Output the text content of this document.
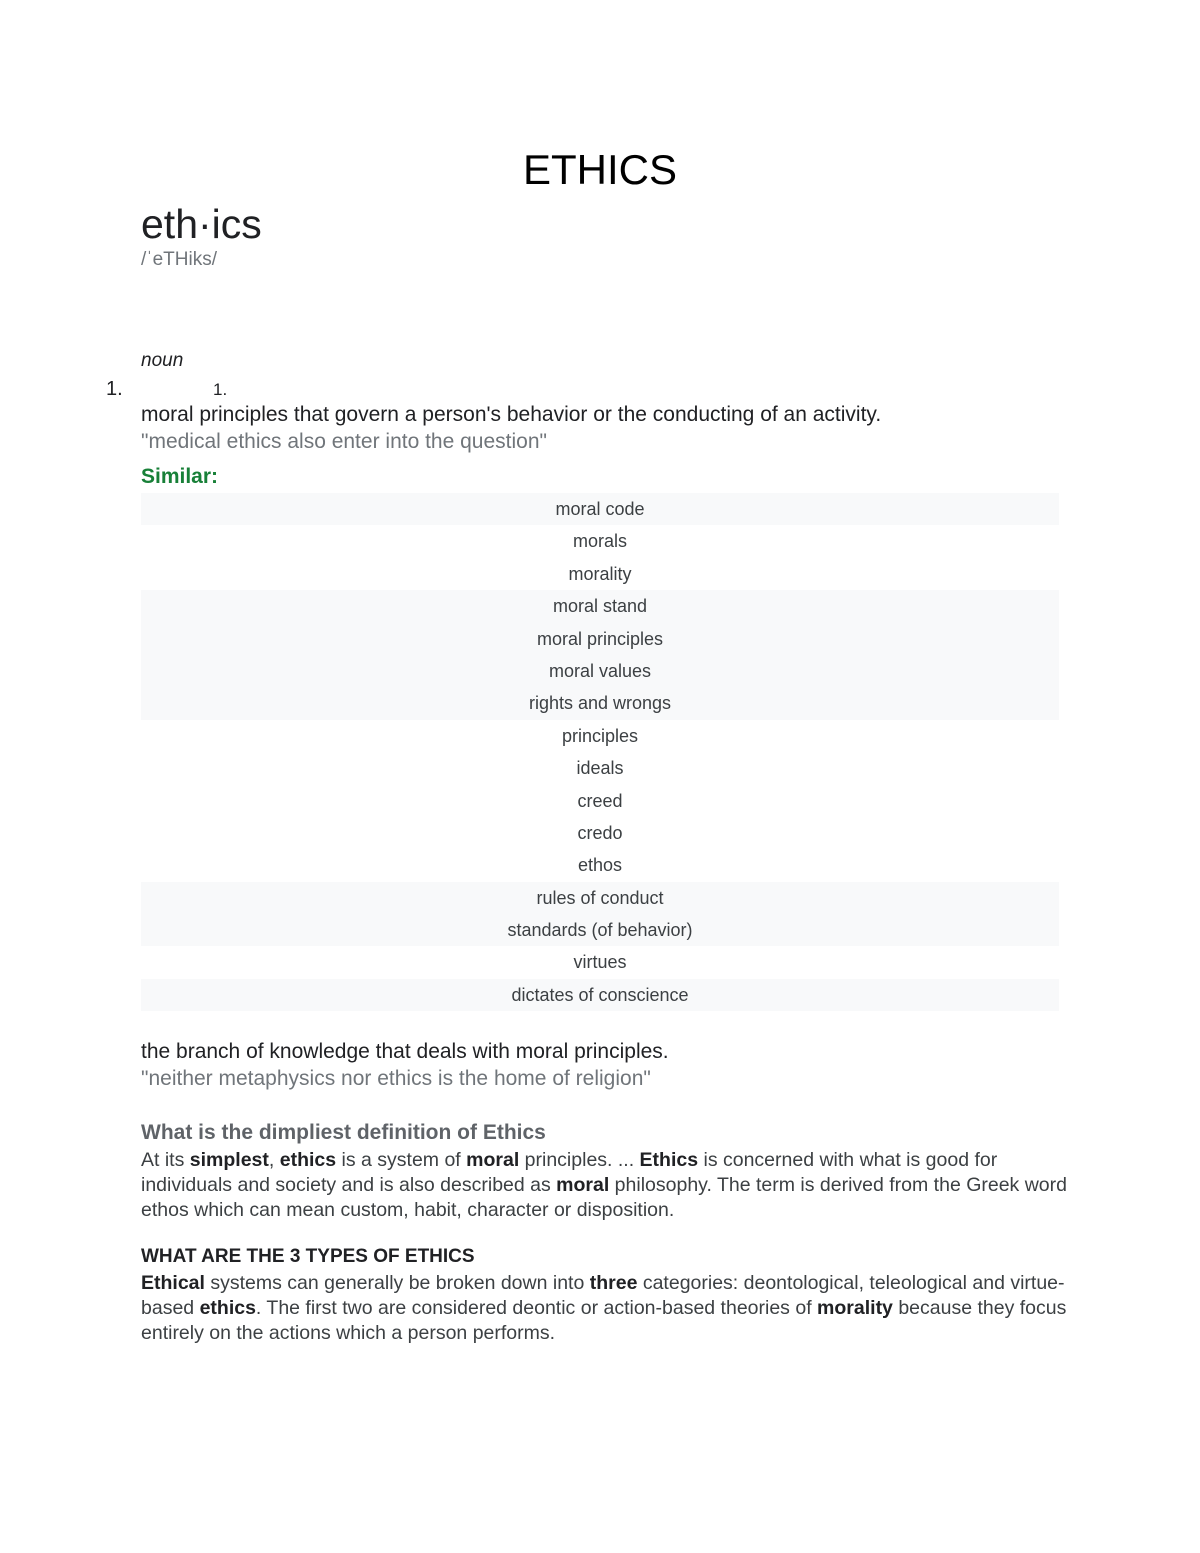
ETHICS
eth·ics
/ˈeTHiks/
noun
1.	1.
moral principles that govern a person's behavior or the conducting of an activity.
"medical ethics also enter into the question"
Similar:
moral code
morals
morality
moral stand
moral principles
moral values
rights and wrongs
principles
ideals
creed
credo
ethos
rules of conduct
standards (of behavior)
virtues
dictates of conscience
the branch of knowledge that deals with moral principles.
"neither metaphysics nor ethics is the home of religion"
What is the dimpliest definition of Ethics
At its simplest, ethics is a system of moral principles. ... Ethics is concerned with what is good for individuals and society and is also described as moral philosophy. The term is derived from the Greek word ethos which can mean custom, habit, character or disposition.
WHAT ARE THE 3 TYPES OF ETHICS
Ethical systems can generally be broken down into three categories: deontological, teleological and virtue-based ethics. The first two are considered deontic or action-based theories of morality because they focus entirely on the actions which a person performs.
